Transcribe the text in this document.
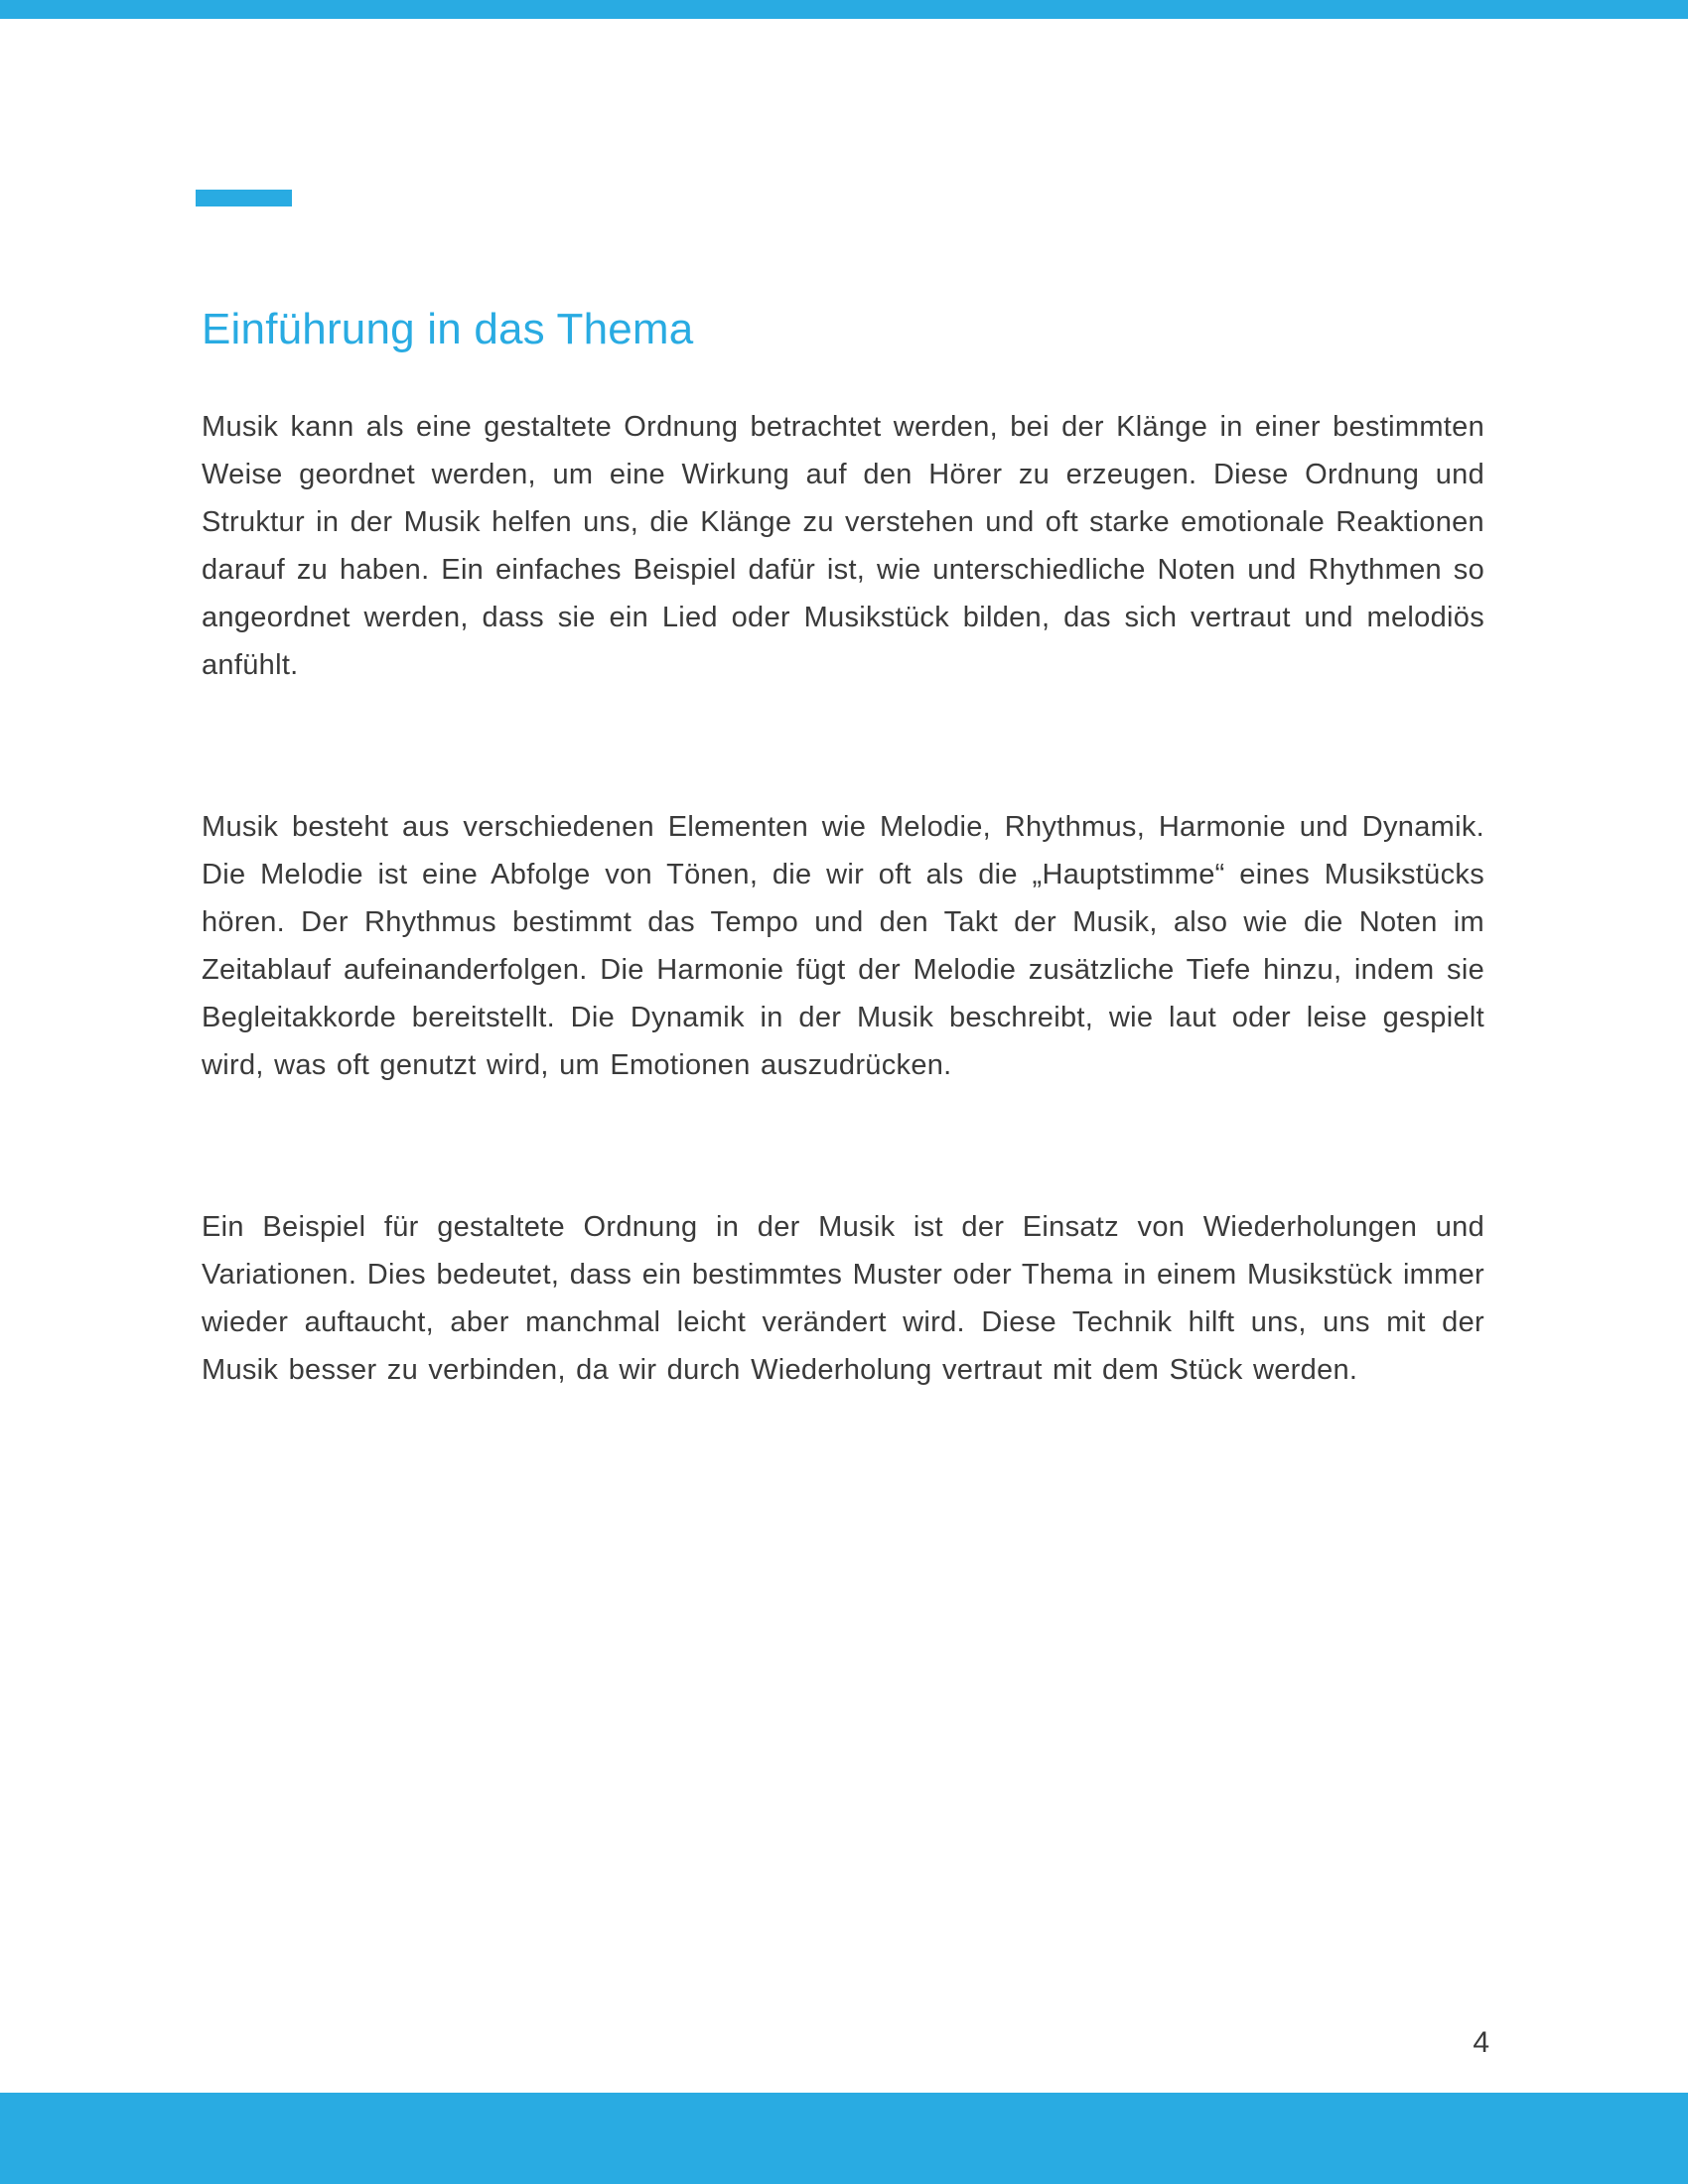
Einführung in das Thema

Musik kann als eine gestaltete Ordnung betrachtet werden, bei der Klänge in einer bestimmten Weise geordnet werden, um eine Wirkung auf den Hörer zu erzeugen. Diese Ordnung und Struktur in der Musik helfen uns, die Klänge zu verstehen und oft starke emotionale Reaktionen darauf zu haben. Ein einfaches Beispiel dafür ist, wie unterschiedliche Noten und Rhythmen so angeordnet werden, dass sie ein Lied oder Musikstück bilden, das sich vertraut und melodiös anfühlt.

Musik besteht aus verschiedenen Elementen wie Melodie, Rhythmus, Harmonie und Dynamik. Die Melodie ist eine Abfolge von Tönen, die wir oft als die „Hauptstimme“ eines Musikstücks hören. Der Rhythmus bestimmt das Tempo und den Takt der Musik, also wie die Noten im Zeitablauf aufeinanderfolgen. Die Harmonie fügt der Melodie zusätzliche Tiefe hinzu, indem sie Begleitakkorde bereitstellt. Die Dynamik in der Musik beschreibt, wie laut oder leise gespielt wird, was oft genutzt wird, um Emotionen auszudrücken.

Ein Beispiel für gestaltete Ordnung in der Musik ist der Einsatz von Wiederholungen und Variationen. Dies bedeutet, dass ein bestimmtes Muster oder Thema in einem Musikstück immer wieder auftaucht, aber manchmal leicht verändert wird. Diese Technik hilft uns, uns mit der Musik besser zu verbinden, da wir durch Wiederholung vertraut mit dem Stück werden.

4
